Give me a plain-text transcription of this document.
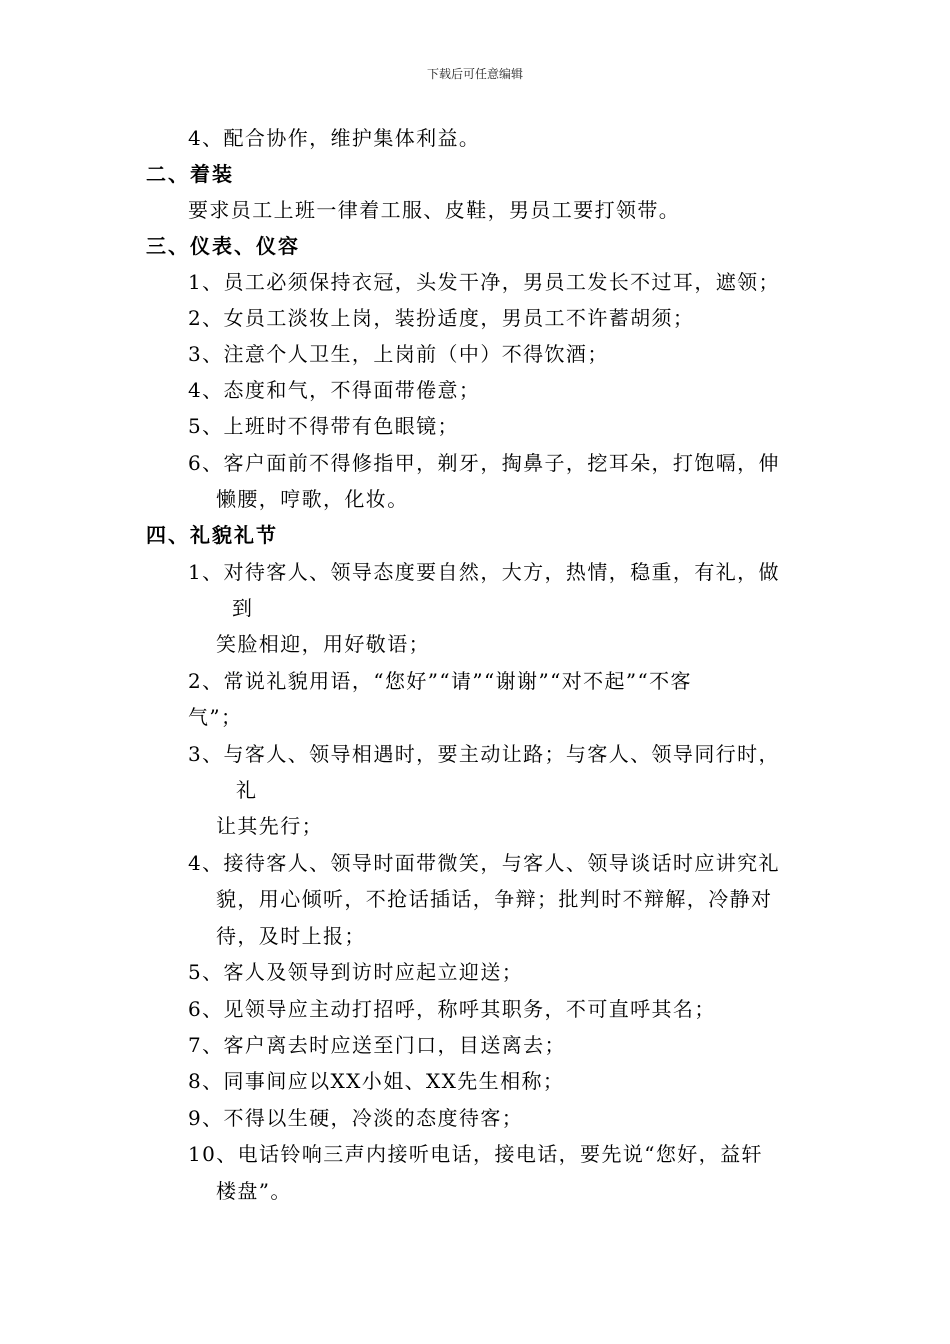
下载后可任意编辑
4、配合协作，维护集体利益。
二、着装
要求员工上班一律着工服、皮鞋，男员工要打领带。
三、仪表、仪容
1、员工必须保持衣冠，头发干净，男员工发长不过耳，遮领；
2、女员工淡妆上岗，装扮适度，男员工不许蓄胡须；
3、注意个人卫生，上岗前（中）不得饮酒；
4、态度和气，不得面带倦意；
5、上班时不得带有色眼镜；
6、客户面前不得修指甲，剃牙，掏鼻子，挖耳朵，打饱嗝，伸
懒腰，哼歌，化妆。
四、礼貌礼节
1、对待客人、领导态度要自然，大方，热情，稳重，有礼，做
到
笑脸相迎，用好敬语；
2、常说礼貌用语，“您好”“请”“谢谢”“对不起”“不客
气”；
3、与客人、领导相遇时，要主动让路；与客人、领导同行时，
礼
让其先行；
4、接待客人、领导时面带微笑，与客人、领导谈话时应讲究礼
貌，用心倾听，不抢话插话，争辩；批判时不辩解，冷静对
待，及时上报；
5、客人及领导到访时应起立迎送；
6、见领导应主动打招呼，称呼其职务，不可直呼其名；
7、客户离去时应送至门口，目送离去；
8、同事间应以XX小姐、XX先生相称；
9、不得以生硬，冷淡的态度待客；
10、电话铃响三声内接听电话，接电话，要先说“您好，益轩
楼盘”。
